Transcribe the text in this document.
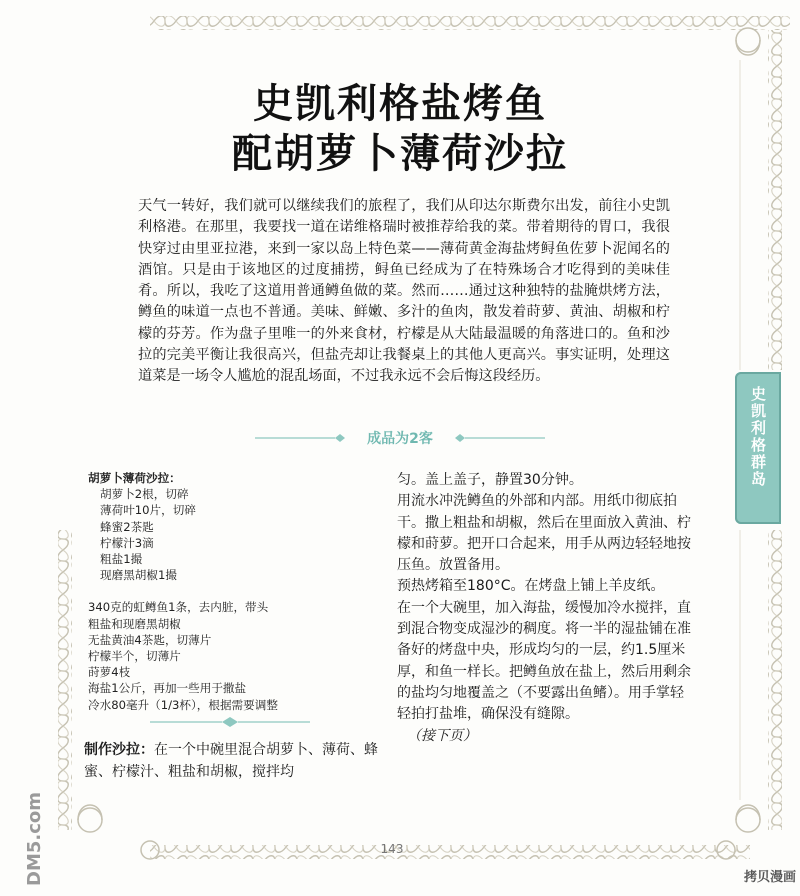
史凯利格盐烤鱼
配胡萝卜薄荷沙拉
天气一转好，我们就可以继续我们的旅程了，我们从印达尔斯费尔出发，前往小史凯利格港。在那里，我要找一道在诺维格瑞时被推荐给我的菜。带着期待的胃口，我很快穿过由里亚拉港，来到一家以岛上特色菜——薄荷黄金海盐烤鲟鱼佐萝卜泥闻名的酒馆。只是由于该地区的过度捕捞，鲟鱼已经成为了在特殊场合才吃得到的美味佳肴。所以，我吃了这道用普通鳟鱼做的菜。然而……通过这种独特的盐腌烘烤方法，鳟鱼的味道一点也不普通。美味、鲜嫩、多汁的鱼肉，散发着莳萝、黄油、胡椒和柠檬的芬芳。作为盘子里唯一的外来食材，柠檬是从大陆最温暖的角落进口的。鱼和沙拉的完美平衡让我很高兴，但盐壳却让我餐桌上的其他人更高兴。事实证明，处理这道菜是一场令人尴尬的混乱场面，不过我永远不会后悔这段经历。
成品为2客
胡萝卜薄荷沙拉：
胡萝卜2根，切碎
薄荷叶10片，切碎
蜂蜜2茶匙
柠檬汁3滴
粗盐1撮
现磨黑胡椒1撮
340克的虹鳟鱼1条，去内脏，带头
粗盐和现磨黑胡椒
无盐黄油4茶匙，切薄片
柠檬半个，切薄片
莳萝4枝
海盐1公斤，再加一些用于撒盐
冷水80毫升（1/3杯），根据需要调整
制作沙拉：在一个中碗里混合胡萝卜、薄荷、蜂蜜、柠檬汁、粗盐和胡椒，搅拌均

匀。盖上盖子，静置30分钟。

用流水冲洗鳟鱼的外部和内部。用纸巾彻底拍干。撒上粗盐和胡椒，然后在里面放入黄油、柠檬和莳萝。把开口合起来，用手从两边轻轻地按压鱼。放置备用。

预热烤箱至180°C。在烤盘上铺上羊皮纸。

在一个大碗里，加入海盐，缓慢加冷水搅拌，直到混合物变成湿沙的稠度。将一半的湿盐铺在准备好的烤盘中央，形成均匀的一层，约1.5厘米厚，和鱼一样长。把鳟鱼放在盐上，然后用剩余的盐均匀地覆盖之（不要露出鱼鳍）。用手掌轻轻拍打盐堆，确保没有缝隙。

（接下页）

史凯利格群岛
143
DM5.com	拷贝漫画
